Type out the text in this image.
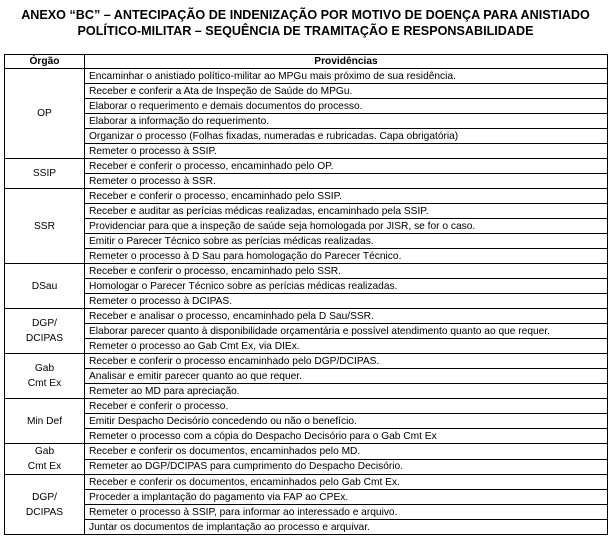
ANEXO “BC” – ANTECIPAÇÃO DE INDENIZAÇÃO POR MOTIVO DE DOENÇA PARA ANISTIADO
POLÍTICO-MILITAR – SEQUÊNCIA DE TRAMITAÇÃO E RESPONSABILIDADE
Órgão	Providências

OP	Encaminhar o anistiado político-militar ao MPGu mais próximo de sua residência.
	Receber e conferir a Ata de Inspeção de Saúde do MPGu.
	Elaborar o requerimento e demais documentos do processo.
	Elaborar a informação do requerimento.
	Organizar o processo (Folhas fixadas, numeradas e rubricadas. Capa obrigatória)
	Remeter o processo à SSIP.

SSIP	Receber e conferir o processo, encaminhado pelo OP.
	Remeter o processo à SSR.

SSR	Receber e conferir o processo, encaminhado pelo SSIP.
	Receber e auditar as perícias médicas realizadas, encaminhado pela SSIP.
	Providenciar para que a inspeção de saúde seja homologada por JISR, se for o caso.
	Emitir o Parecer Técnico sobre as perícias médicas realizadas.
	Remeter o processo à D Sau para homologação do Parecer Técnico.

DSau	Receber e conferir o processo, encaminhado pelo SSR.
	Homologar o Parecer Técnico sobre as perícias médicas realizadas.
	Remeter o processo à DCIPAS.

DGP/
DCIPAS	Receber e analisar o processo, encaminhado pela D Sau/SSR.
	Elaborar parecer quanto à disponibilidade orçamentária e possível atendimento quanto ao que requer.
	Remeter o processo ao Gab Cmt Ex, via DIEx.

Gab
Cmt Ex	Receber e conferir o processo encaminhado pelo DGP/DCIPAS.
	Analisar e emitir parecer quanto ao que requer.
	Remeter ao MD para apreciação.

Min Def	Receber e conferir o processo.
	Emitir Despacho Decisório concedendo ou não o benefício.
	Remeter o processo com a cópia do Despacho Decisório para o Gab Cmt Ex

Gab
Cmt Ex	Receber e conferir os documentos, encaminhados pelo MD.
	Remeter ao DGP/DCIPAS para cumprimento do Despacho Decisório.

DGP/
DCIPAS	Receber e conferir os documentos, encaminhados pelo Gab Cmt Ex.
	Proceder a implantação do pagamento via FAP ao CPEx.
	Remeter o processo à SSIP, para informar ao interessado e arquivo.
	Juntar os documentos de implantação ao processo e arquivar.
